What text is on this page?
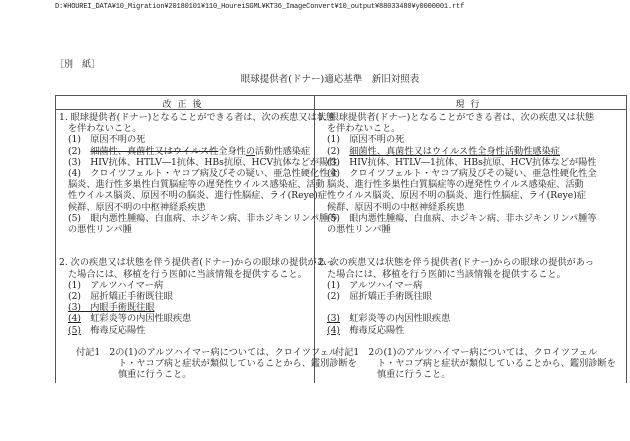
D:¥HOUREI_DATA¥10_Migration¥20180101¥110_HoureiSGML¥KT36_ImageConvert¥10_output¥88033480¥y0000001.rtf
［別　紙］
眼球提供者(ドナー)適応基準　新旧対照表
改正後	現行
1. 眼球提供者(ドナー)となることができる者は、次の疾患又は状態
を伴わないこと。
(1)　原因不明の死
(2)　細菌性、真菌性又はウイルス性全身性の活動性感染症
(3)　HIV抗体、HTLV―1抗体、HBs抗原、HCV抗体などが陽性
(4)　クロイツフェルト・ヤコブ病及びその疑い、亜急性硬化性全
脳炎、進行性多巣性白質脳症等の遅発性ウイルス感染症、活動
性ウイルス脳炎、原因不明の脳炎、進行性脳症、ライ(Reye)症
候群、原因不明の中枢神経系疾患
(5)　眼内悪性腫瘍、白血病、ホジキン病、非ホジキンリンパ腫等
の悪性リンパ腫
2. 次の疾患又は状態を伴う提供者(ドナー)からの眼球の提供があっ
た場合には、移植を行う医師に当該情報を提供すること。
(1)　アルツハイマー病
(2)　屈折矯正手術既往眼
(3)　内眼手術既往眼
(4)　虹彩炎等の内因性眼疾患
(5)　梅毒反応陽性
付記1　2の(1)のアルツハイマー病については、クロイツフェル
ト・ヤコブ病と症状が類似していることから、鑑別診断を
慎重に行うこと。
1. 眼球提供者(ドナー)となることができる者は、次の疾患又は状態
を伴わないこと。
(1)　原因不明の死
(2)　細菌性、真菌性又はウイルス性全身性活動性感染症
(3)　HIV抗体、HTLV―1抗体、HBs抗原、HCV抗体などが陽性
(4)　クロイツフェルト・ヤコブ病及びその疑い、亜急性硬化性全
脳炎、進行性多巣性白質脳症等の遅発性ウイルス感染症、活動
性ウイルス脳炎、原因不明の脳炎、進行性脳症、ライ(Reye)症
候群、原因不明の中枢神経系疾患
(5)　眼内悪性腫瘍、白血病、ホジキン病、非ホジキンリンパ腫等
の悪性リンパ腫
2. 次の疾患又は状態を伴う提供者(ドナー)からの眼球の提供があっ
た場合には、移植を行う医師に当該情報を提供すること。
(1)　アルツハイマー病
(2)　屈折矯正手術既往眼
(3)　虹彩炎等の内因性眼疾患
(4)　梅毒反応陽性
付記1　2の(1)のアルツハイマー病については、クロイツフェル
ト・ヤコブ病と症状が類似していることから、鑑別診断を
慎重に行うこと。
